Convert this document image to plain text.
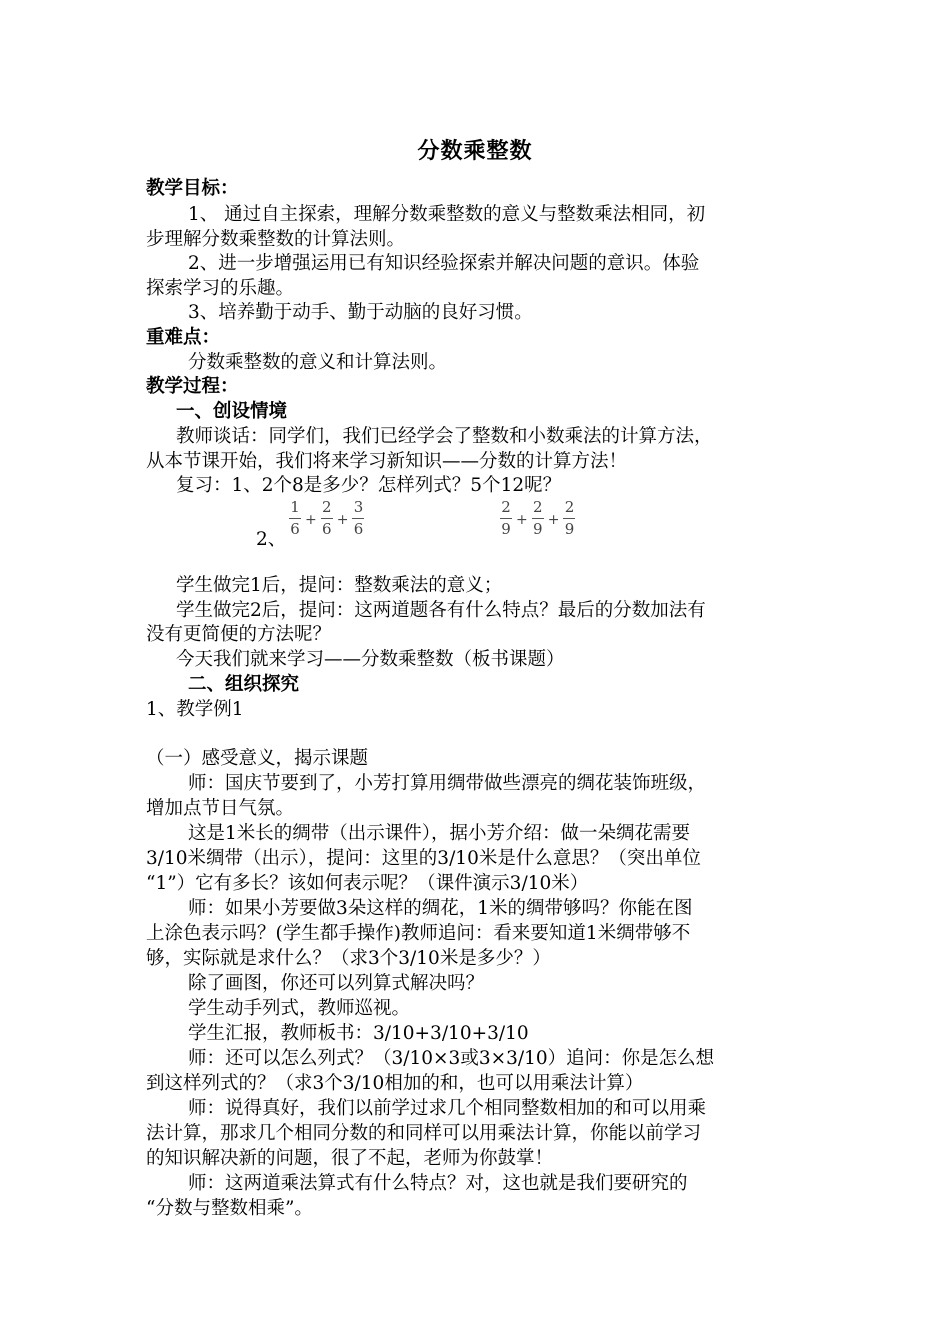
分数乘整数
教学目标：
1、 通过自主探索，理解分数乘整数的意义与整数乘法相同，初
步理解分数乘整数的计算法则。
2、进一步增强运用已有知识经验探索并解决问题的意识。体验
探索学习的乐趣。
3、培养勤于动手、勤于动脑的良好习惯。
重难点：
分数乘整数的意义和计算法则。
教学过程：
一、创设情境
教师谈话：同学们，我们已经学会了整数和小数乘法的计算方法，
从本节课开始，我们将来学习新知识——分数的计算方法！
复习：1、2个8是多少？怎样列式？5个12呢？
$\frac{1}{6} + \frac{2}{6} + \frac{3}{6}$	$\frac{2}{9} + \frac{2}{9} + \frac{2}{9}$
2、
学生做完1后，提问：整数乘法的意义；
学生做完2后，提问：这两道题各有什么特点？最后的分数加法有
没有更简便的方法呢？
今天我们就来学习——分数乘整数（板书课题）
二、组织探究
1、教学例1
（一）感受意义，揭示课题
师：国庆节要到了，小芳打算用绸带做些漂亮的绸花装饰班级，
增加点节日气氛。
这是1米长的绸带（出示课件），据小芳介绍：做一朵绸花需要
3/10米绸带（出示），提问：这里的3/10米是什么意思？（突出单位
“1”）它有多长？该如何表示呢？（课件演示3/10米）
师：如果小芳要做3朵这样的绸花，1米的绸带够吗？你能在图
上涂色表示吗？(学生都手操作)教师追问：看来要知道1米绸带够不
够，实际就是求什么？（求3个3/10米是多少？）
除了画图，你还可以列算式解决吗？
学生动手列式，教师巡视。
学生汇报，教师板书：3/10+3/10+3/10
师：还可以怎么列式？（3/10×3或3×3/10）追问：你是怎么想
到这样列式的？（求3个3/10相加的和，也可以用乘法计算）
师：说得真好，我们以前学过求几个相同整数相加的和可以用乘
法计算，那求几个相同分数的和同样可以用乘法计算，你能以前学习
的知识解决新的问题，很了不起，老师为你鼓掌！
师：这两道乘法算式有什么特点？对，这也就是我们要研究的
“分数与整数相乘”。
